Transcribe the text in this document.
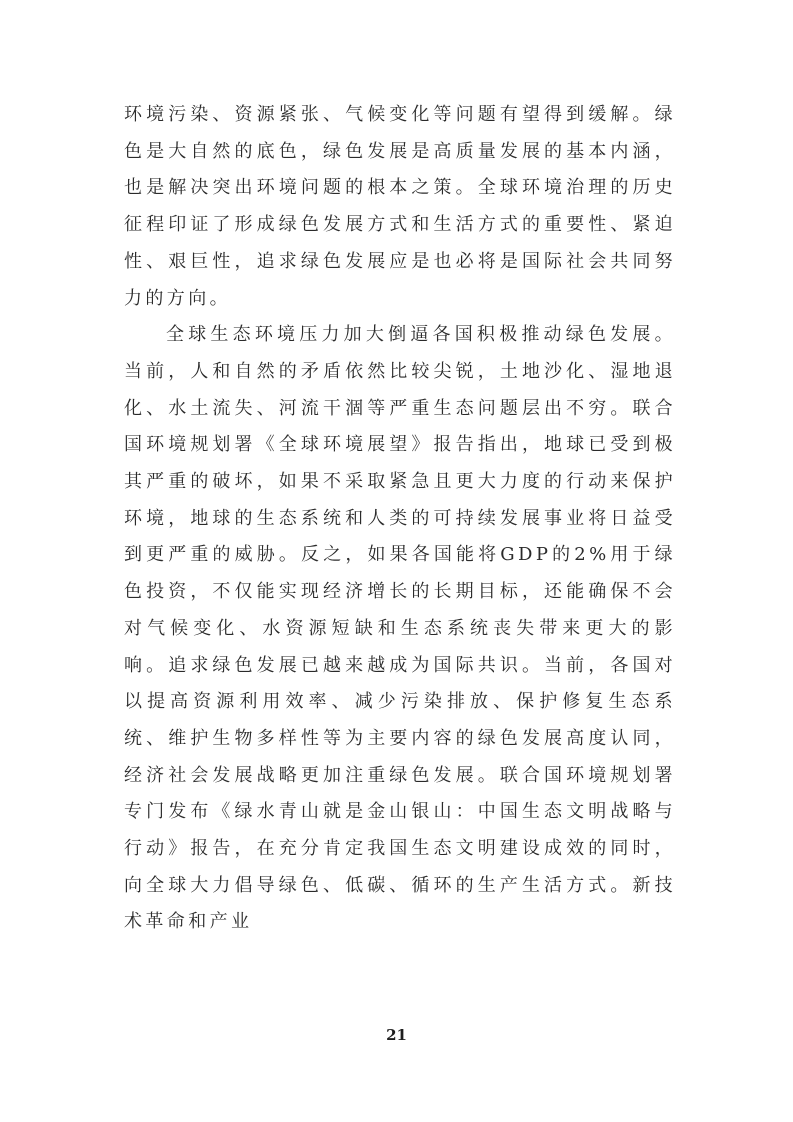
环境污染、资源紧张、气候变化等问题有望得到缓解。绿色是大自然的底色，绿色发展是高质量发展的基本内涵，也是解决突出环境问题的根本之策。全球环境治理的历史征程印证了形成绿色发展方式和生活方式的重要性、紧迫性、艰巨性，追求绿色发展应是也必将是国际社会共同努力的方向。

全球生态环境压力加大倒逼各国积极推动绿色发展。当前，人和自然的矛盾依然比较尖锐，土地沙化、湿地退化、水土流失、河流干涸等严重生态问题层出不穷。联合国环境规划署《全球环境展望》报告指出，地球已受到极其严重的破坏，如果不采取紧急且更大力度的行动来保护环境，地球的生态系统和人类的可持续发展事业将日益受到更严重的威胁。反之，如果各国能将GDP的2%用于绿色投资，不仅能实现经济增长的长期目标，还能确保不会对气候变化、水资源短缺和生态系统丧失带来更大的影响。追求绿色发展已越来越成为国际共识。当前，各国对以提高资源利用效率、减少污染排放、保护修复生态系统、维护生物多样性等为主要内容的绿色发展高度认同，经济社会发展战略更加注重绿色发展。联合国环境规划署专门发布《绿水青山就是金山银山：中国生态文明战略与行动》报告，在充分肯定我国生态文明建设成效的同时，向全球大力倡导绿色、低碳、循环的生产生活方式。新技术革命和产业

21
